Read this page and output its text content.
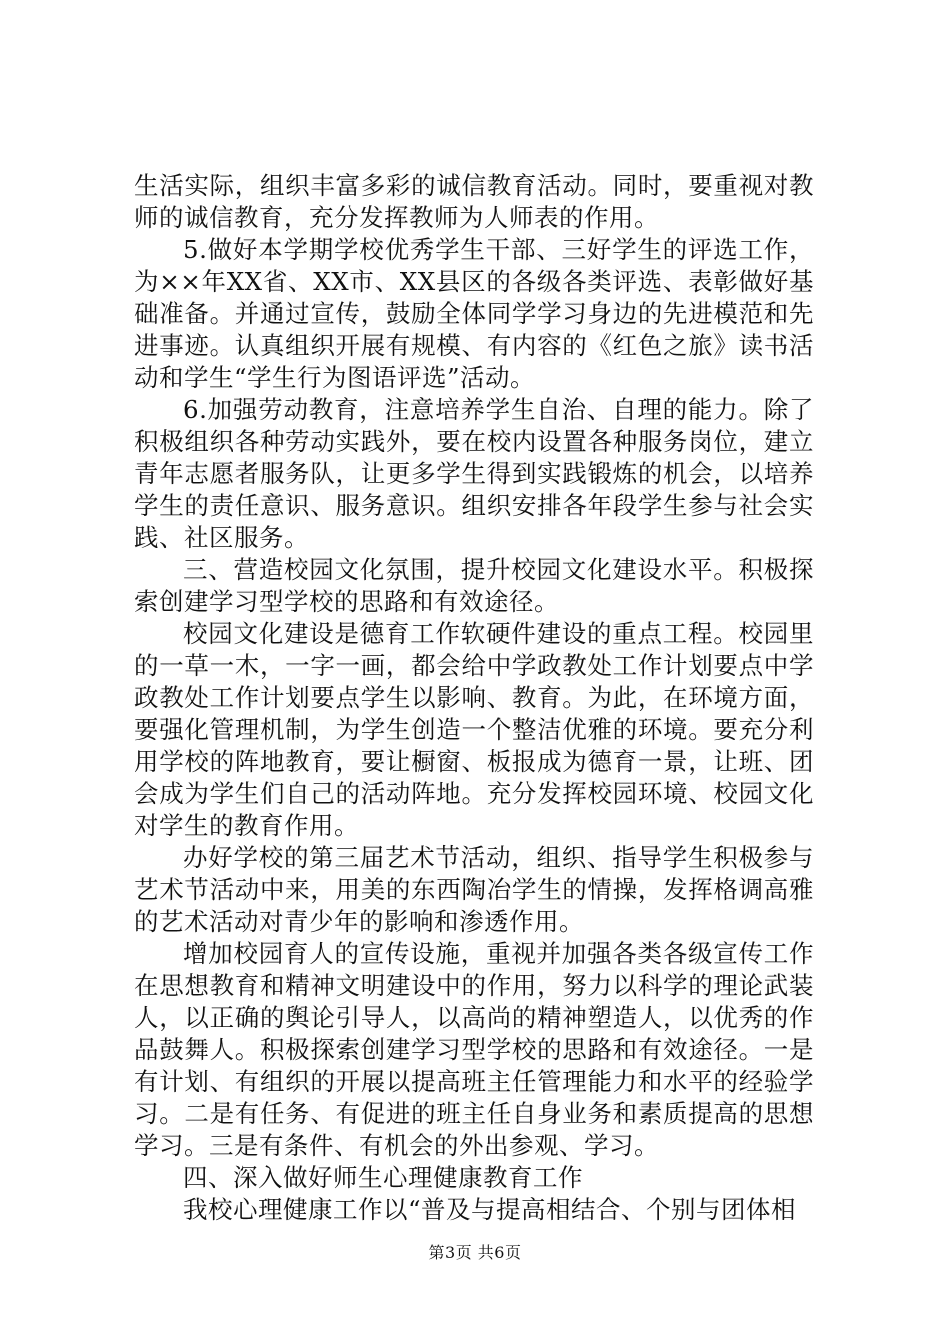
生活实际，组织丰富多彩的诚信教育活动。同时，要重视对教师的诚信教育，充分发挥教师为人师表的作用。

5.做好本学期学校优秀学生干部、三好学生的评选工作，为××年XX省、XX市、XX县区的各级各类评选、表彰做好基础准备。并通过宣传，鼓励全体同学学习身边的先进模范和先进事迹。认真组织开展有规模、有内容的《红色之旅》读书活动和学生“学生行为图语评选”活动。

6.加强劳动教育，注意培养学生自治、自理的能力。除了积极组织各种劳动实践外，要在校内设置各种服务岗位，建立青年志愿者服务队，让更多学生得到实践锻炼的机会，以培养学生的责任意识、服务意识。组织安排各年段学生参与社会实践、社区服务。

三、营造校园文化氛围，提升校园文化建设水平。积极探索创建学习型学校的思路和有效途径。

校园文化建设是德育工作软硬件建设的重点工程。校园里的一草一木，一字一画，都会给中学政教处工作计划要点中学政教处工作计划要点学生以影响、教育。为此，在环境方面，要强化管理机制，为学生创造一个整洁优雅的环境。要充分利用学校的阵地教育，要让橱窗、板报成为德育一景，让班、团会成为学生们自己的活动阵地。充分发挥校园环境、校园文化对学生的教育作用。

办好学校的第三届艺术节活动，组织、指导学生积极参与艺术节活动中来，用美的东西陶冶学生的情操，发挥格调高雅的艺术活动对青少年的影响和渗透作用。

增加校园育人的宣传设施，重视并加强各类各级宣传工作在思想教育和精神文明建设中的作用，努力以科学的理论武装人，以正确的舆论引导人，以高尚的精神塑造人，以优秀的作品鼓舞人。积极探索创建学习型学校的思路和有效途径。一是有计划、有组织的开展以提高班主任管理能力和水平的经验学习。二是有任务、有促进的班主任自身业务和素质提高的思想学习。三是有条件、有机会的外出参观、学习。

四、深入做好师生心理健康教育工作

我校心理健康工作以“普及与提高相结合、个别与团体相

第3页 共6页
